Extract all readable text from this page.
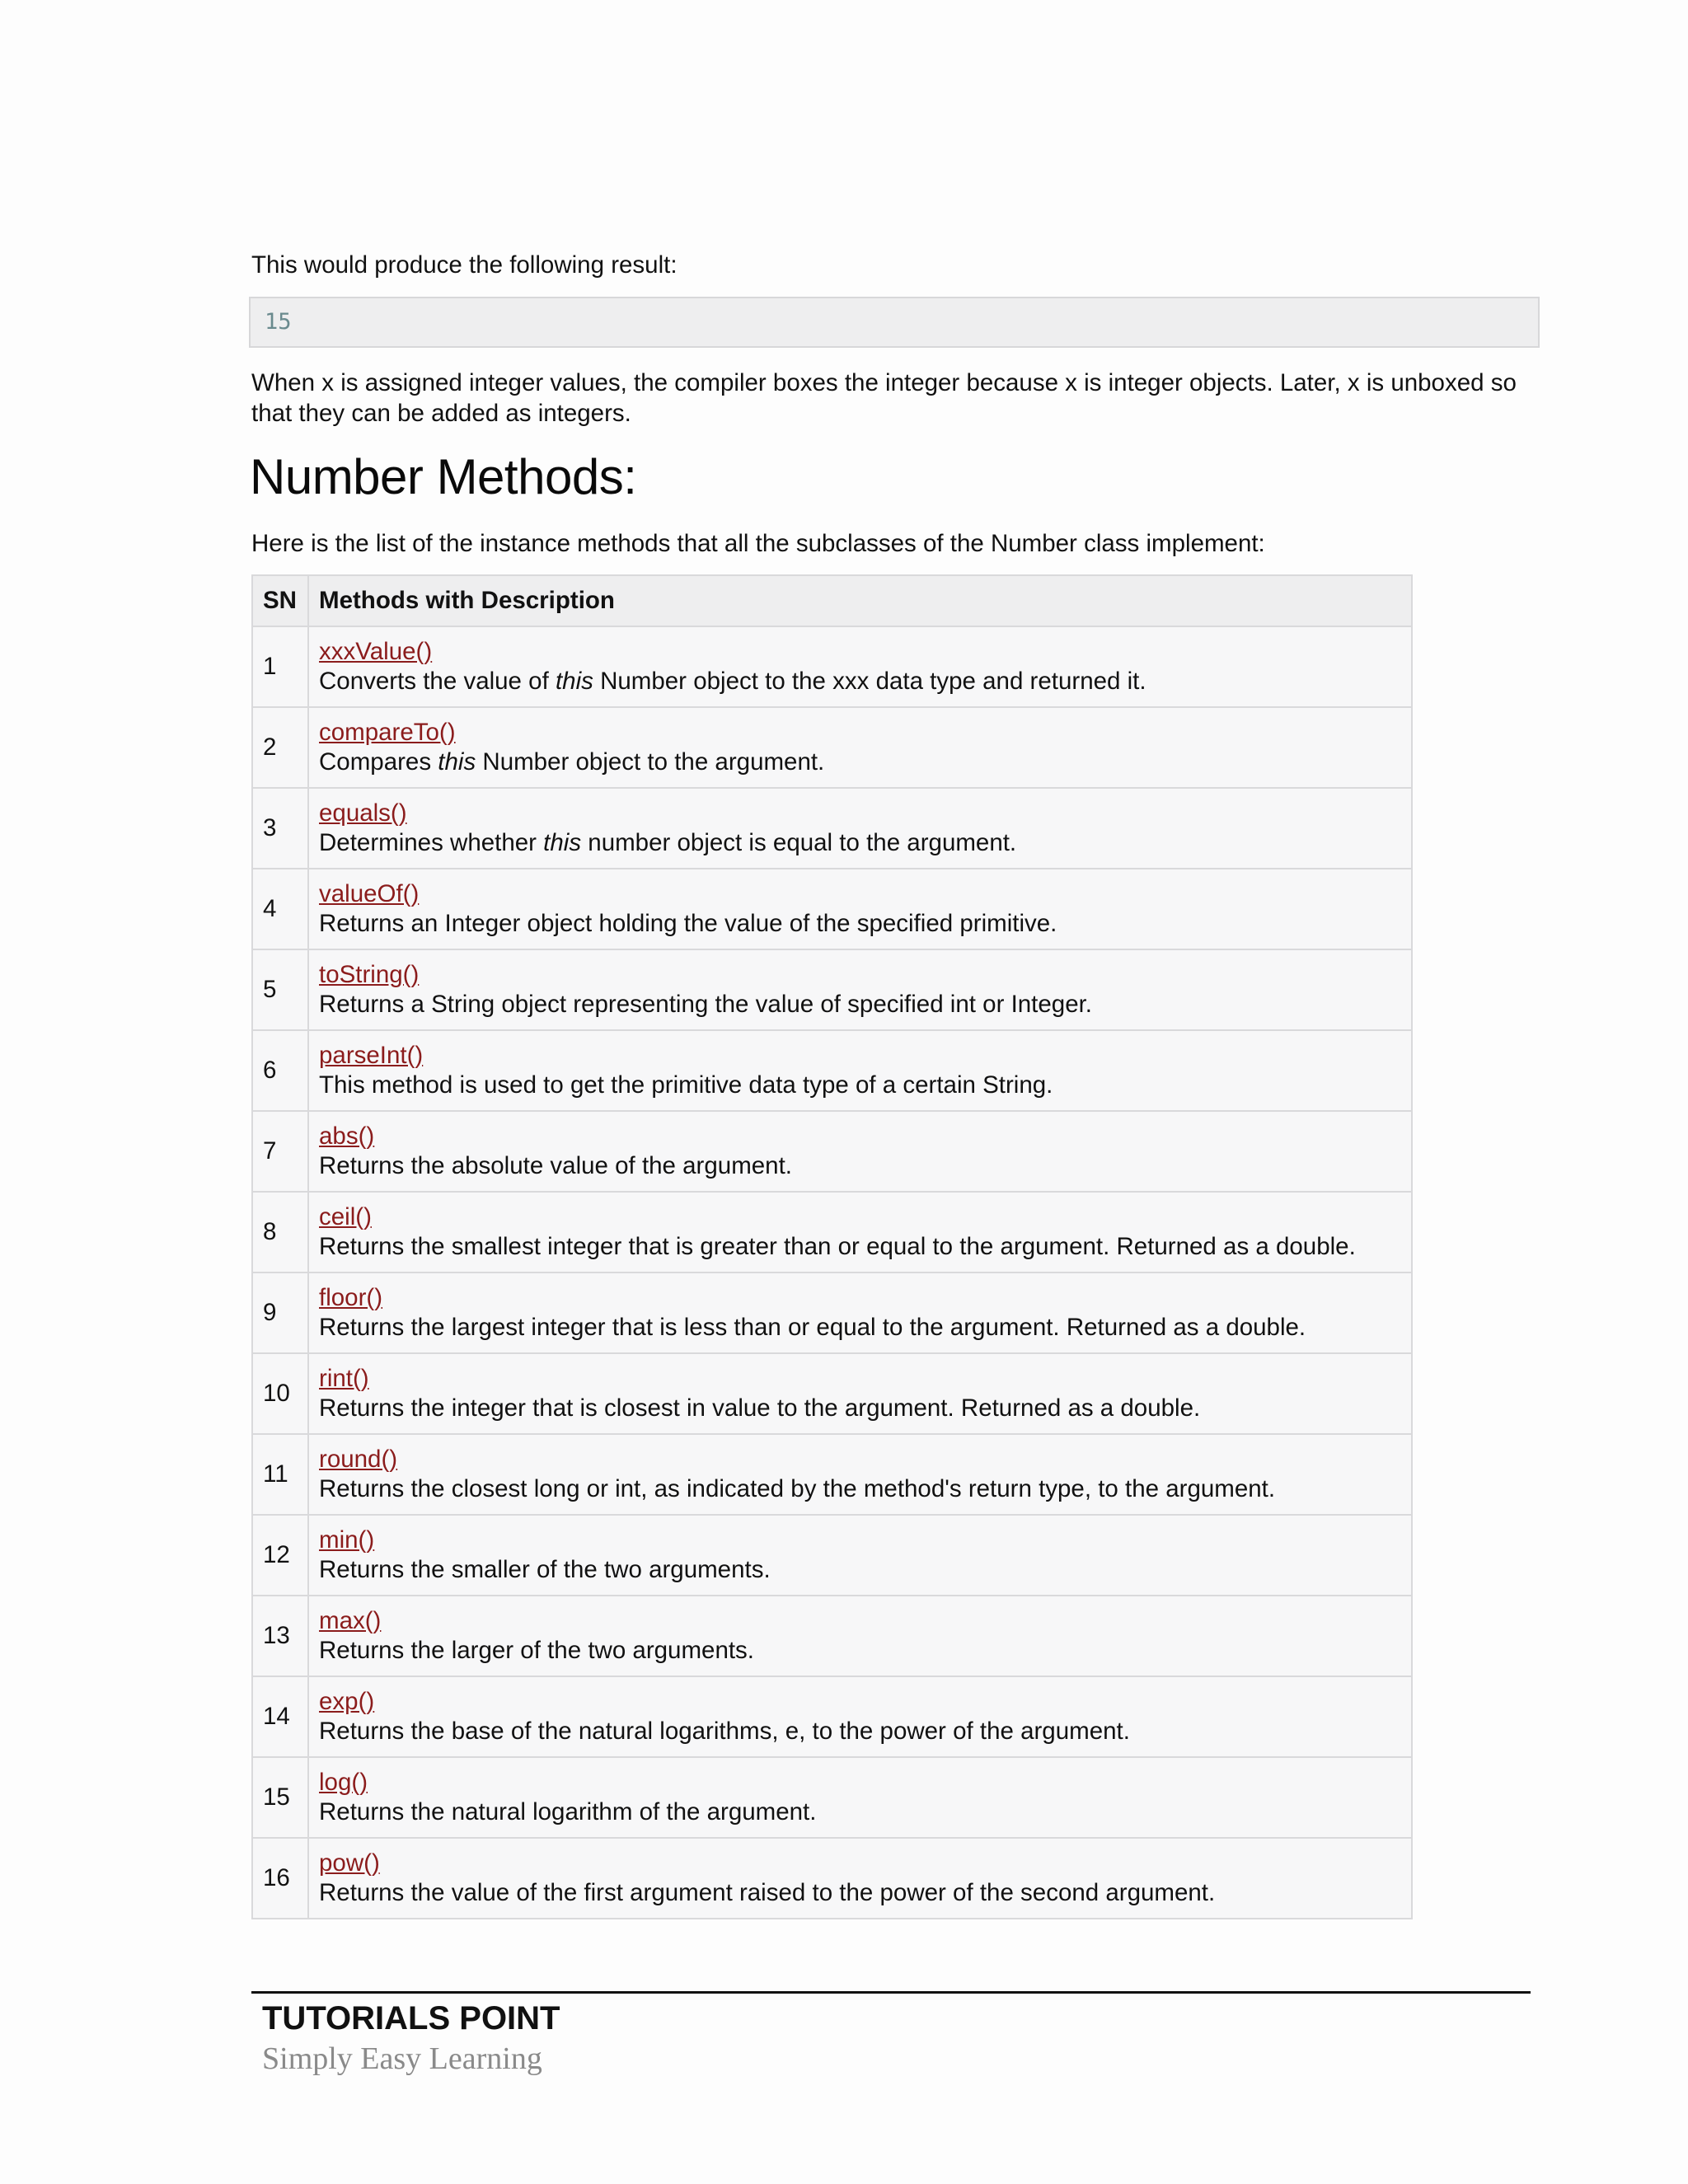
This would produce the following result:
15
When x is assigned integer values, the compiler boxes the integer because x is integer objects. Later, x is unboxed so that they can be added as integers.
Number Methods:
Here is the list of the instance methods that all the subclasses of the Number class implement:
SN	Methods with Description
1	xxxValue()
Converts the value of this Number object to the xxx data type and returned it.

2	compareTo()
Compares this Number object to the argument.

3	equals()
Determines whether this number object is equal to the argument.

4	valueOf()
Returns an Integer object holding the value of the specified primitive.

5	toString()
Returns a String object representing the value of specified int or Integer.

6	parseInt()
This method is used to get the primitive data type of a certain String.

7	abs()
Returns the absolute value of the argument.

8	ceil()
Returns the smallest integer that is greater than or equal to the argument. Returned as a double.

9	floor()
Returns the largest integer that is less than or equal to the argument. Returned as a double.

10	rint()
Returns the integer that is closest in value to the argument. Returned as a double.

11	round()
Returns the closest long or int, as indicated by the method's return type, to the argument.

12	min()
Returns the smaller of the two arguments.

13	max()
Returns the larger of the two arguments.

14	exp()
Returns the base of the natural logarithms, e, to the power of the argument.

15	log()
Returns the natural logarithm of the argument.

16	pow()
Returns the value of the first argument raised to the power of the second argument.
TUTORIALS POINT
Simply Easy Learning
